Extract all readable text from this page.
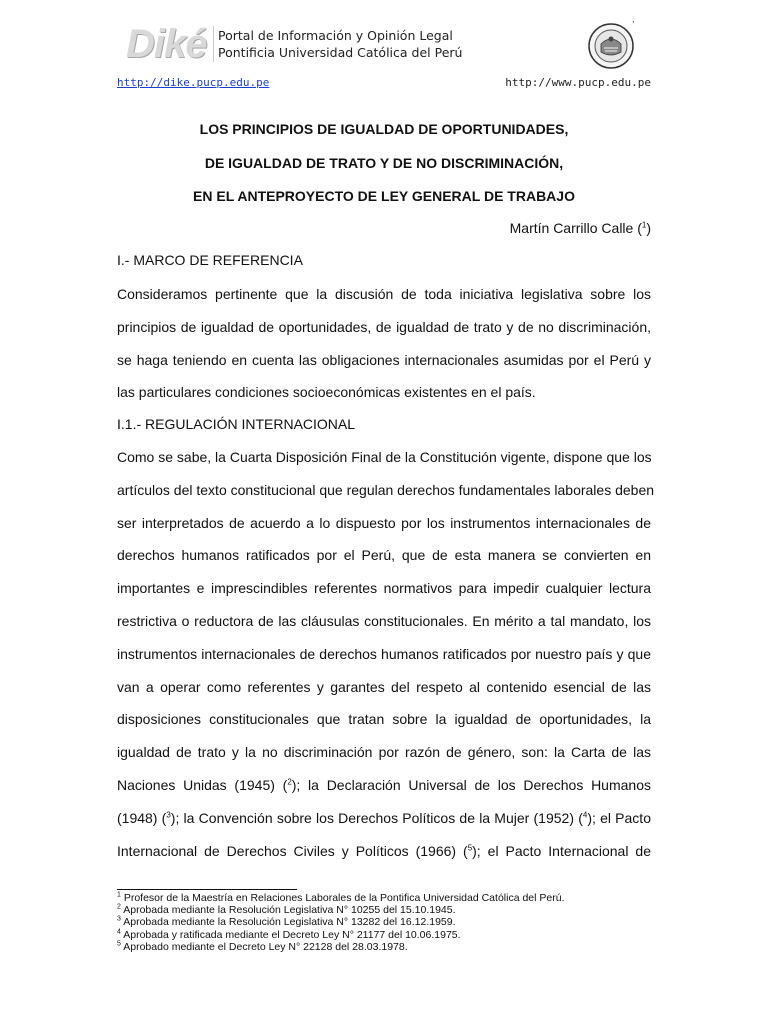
Diké Portal de Información y Opinión Legal
Pontificia Universidad Católica del Perú
,
http://dike.pucp.edu.pe	http://www.pucp.edu.pe
LOS PRINCIPIOS DE IGUALDAD DE OPORTUNIDADES,
DE IGUALDAD DE TRATO Y DE NO DISCRIMINACIÓN,
EN EL ANTEPROYECTO DE LEY GENERAL DE TRABAJO
Martín Carrillo Calle ($^1$)
I.- MARCO DE REFERENCIA
Consideramos pertinente que la discusión de toda iniciativa legislativa sobre los
principios de igualdad de oportunidades, de igualdad de trato y de no discriminación,
se haga teniendo en cuenta las obligaciones internacionales asumidas por el Perú y
las particulares condiciones socioeconómicas existentes en el país.
I.1.- REGULACIÓN INTERNACIONAL
Como se sabe, la Cuarta Disposición Final de la Constitución vigente, dispone que los
artículos del texto constitucional que regulan derechos fundamentales laborales deben
ser interpretados de acuerdo a lo dispuesto por los instrumentos internacionales de
derechos humanos ratificados por el Perú, que de esta manera se convierten en
importantes e imprescindibles referentes normativos para impedir cualquier lectura
restrictiva o reductora de las cláusulas constitucionales. En mérito a tal mandato, los
instrumentos internacionales de derechos humanos ratificados por nuestro país y que
van a operar como referentes y garantes del respeto al contenido esencial de las
disposiciones constitucionales que tratan sobre la igualdad de oportunidades, la
igualdad de trato y la no discriminación por razón de género, son: la Carta de las
Naciones Unidas (1945) ($^2$); la Declaración Universal de los Derechos Humanos
(1948) ($^3$); la Convención sobre los Derechos Políticos de la Mujer (1952) ($^4$); el Pacto
Internacional de Derechos Civiles y Políticos (1966) ($^5$); el Pacto Internacional de
$^1$ Profesor de la Maestría en Relaciones Laborales de la Pontifica Universidad Católica del Perú.
$^2$ Aprobada mediante la Resolución Legislativa N° 10255 del 15.10.1945.
$^3$ Aprobada mediante la Resolución Legislativa N° 13282 del 16.12.1959.
$^4$ Aprobada y ratificada mediante el Decreto Ley N° 21177 del 10.06.1975.
$^5$ Aprobado mediante el Decreto Ley N° 22128 del 28.03.1978.
